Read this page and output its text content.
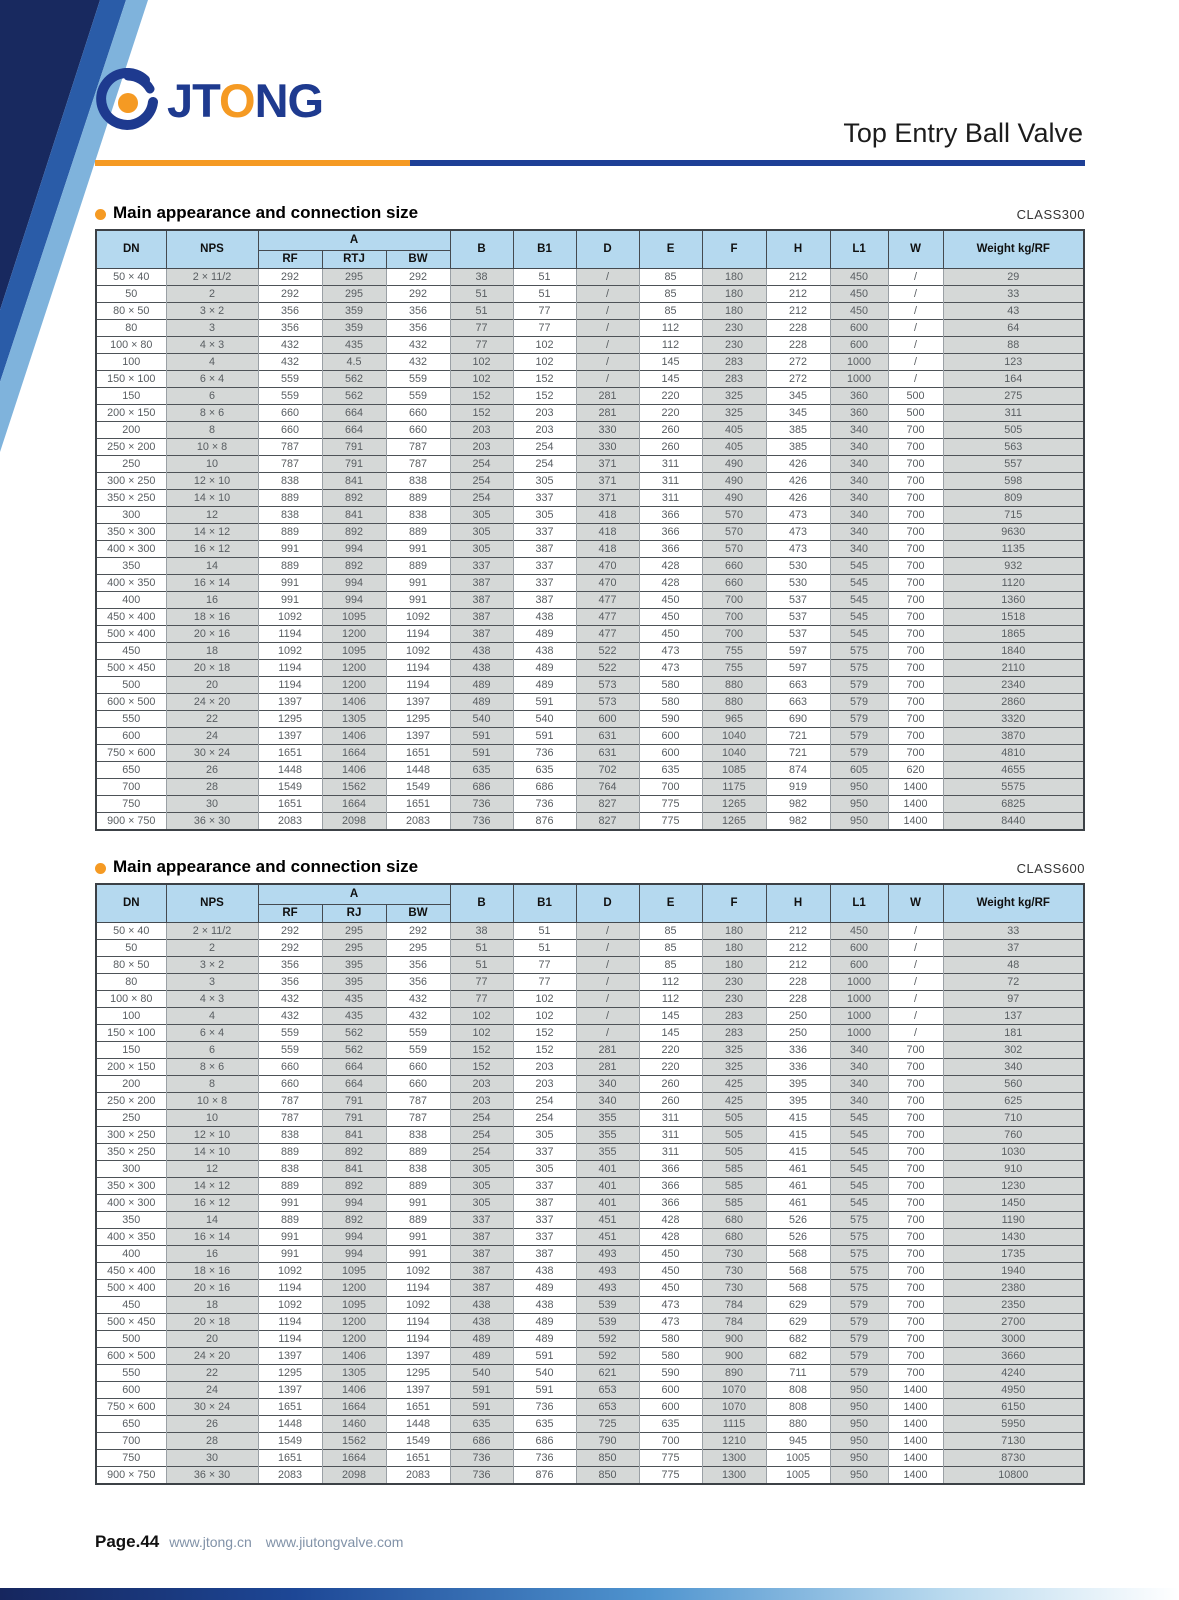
JTONG
Top Entry Ball Valve
Main appearance and connection size	CLASS300
DN	NPS	A			B	B1	D	E	F	H	L1	W	Weight kg/RF
		RF	RTJ	BW									
50 × 40	2 × 11/2	292	295	292	38	51	/	85	180	212	450	/	29
50	2	292	295	292	51	51	/	85	180	212	450	/	33
80 × 50	3 × 2	356	359	356	51	77	/	85	180	212	450	/	43
80	3	356	359	356	77	77	/	112	230	228	600	/	64
100 × 80	4 × 3	432	435	432	77	102	/	112	230	228	600	/	88
100	4	432	4.5	432	102	102	/	145	283	272	1000	/	123
150 × 100	6 × 4	559	562	559	102	152	/	145	283	272	1000	/	164
150	6	559	562	559	152	152	281	220	325	345	360	500	275
200 × 150	8 × 6	660	664	660	152	203	281	220	325	345	360	500	311
200	8	660	664	660	203	203	330	260	405	385	340	700	505
250 × 200	10 × 8	787	791	787	203	254	330	260	405	385	340	700	563
250	10	787	791	787	254	254	371	311	490	426	340	700	557
300 × 250	12 × 10	838	841	838	254	305	371	311	490	426	340	700	598
350 × 250	14 × 10	889	892	889	254	337	371	311	490	426	340	700	809
300	12	838	841	838	305	305	418	366	570	473	340	700	715
350 × 300	14 × 12	889	892	889	305	337	418	366	570	473	340	700	9630
400 × 300	16 × 12	991	994	991	305	387	418	366	570	473	340	700	1135
350	14	889	892	889	337	337	470	428	660	530	545	700	932
400 × 350	16 × 14	991	994	991	387	337	470	428	660	530	545	700	1120
400	16	991	994	991	387	387	477	450	700	537	545	700	1360
450 × 400	18 × 16	1092	1095	1092	387	438	477	450	700	537	545	700	1518
500 × 400	20 × 16	1194	1200	1194	387	489	477	450	700	537	545	700	1865
450	18	1092	1095	1092	438	438	522	473	755	597	575	700	1840
500 × 450	20 × 18	1194	1200	1194	438	489	522	473	755	597	575	700	2110
500	20	1194	1200	1194	489	489	573	580	880	663	579	700	2340
600 × 500	24 × 20	1397	1406	1397	489	591	573	580	880	663	579	700	2860
550	22	1295	1305	1295	540	540	600	590	965	690	579	700	3320
600	24	1397	1406	1397	591	591	631	600	1040	721	579	700	3870
750 × 600	30 × 24	1651	1664	1651	591	736	631	600	1040	721	579	700	4810
650	26	1448	1406	1448	635	635	702	635	1085	874	605	620	4655
700	28	1549	1562	1549	686	686	764	700	1175	919	950	1400	5575
750	30	1651	1664	1651	736	736	827	775	1265	982	950	1400	6825
900 × 750	36 × 30	2083	2098	2083	736	876	827	775	1265	982	950	1400	8440
Main appearance and connection size	CLASS600
DN	NPS	A			B	B1	D	E	F	H	L1	W	Weight kg/RF
		RF	RJ	BW									
50 × 40	2 × 11/2	292	295	292	38	51	/	85	180	212	450	/	33
50	2	292	295	295	51	51	/	85	180	212	600	/	37
80 × 50	3 × 2	356	395	356	51	77	/	85	180	212	600	/	48
80	3	356	395	356	77	77	/	112	230	228	1000	/	72
100 × 80	4 × 3	432	435	432	77	102	/	112	230	228	1000	/	97
100	4	432	435	432	102	102	/	145	283	250	1000	/	137
150 × 100	6 × 4	559	562	559	102	152	/	145	283	250	1000	/	181
150	6	559	562	559	152	152	281	220	325	336	340	700	302
200 × 150	8 × 6	660	664	660	152	203	281	220	325	336	340	700	340
200	8	660	664	660	203	203	340	260	425	395	340	700	560
250 × 200	10 × 8	787	791	787	203	254	340	260	425	395	340	700	625
250	10	787	791	787	254	254	355	311	505	415	545	700	710
300 × 250	12 × 10	838	841	838	254	305	355	311	505	415	545	700	760
350 × 250	14 × 10	889	892	889	254	337	355	311	505	415	545	700	1030
300	12	838	841	838	305	305	401	366	585	461	545	700	910
350 × 300	14 × 12	889	892	889	305	337	401	366	585	461	545	700	1230
400 × 300	16 × 12	991	994	991	305	387	401	366	585	461	545	700	1450
350	14	889	892	889	337	337	451	428	680	526	575	700	1190
400 × 350	16 × 14	991	994	991	387	337	451	428	680	526	575	700	1430
400	16	991	994	991	387	387	493	450	730	568	575	700	1735
450 × 400	18 × 16	1092	1095	1092	387	438	493	450	730	568	575	700	1940
500 × 400	20 × 16	1194	1200	1194	387	489	493	450	730	568	575	700	2380
450	18	1092	1095	1092	438	438	539	473	784	629	579	700	2350
500 × 450	20 × 18	1194	1200	1194	438	489	539	473	784	629	579	700	2700
500	20	1194	1200	1194	489	489	592	580	900	682	579	700	3000
600 × 500	24 × 20	1397	1406	1397	489	591	592	580	900	682	579	700	3660
550	22	1295	1305	1295	540	540	621	590	890	711	579	700	4240
600	24	1397	1406	1397	591	591	653	600	1070	808	950	1400	4950
750 × 600	30 × 24	1651	1664	1651	591	736	653	600	1070	808	950	1400	6150
650	26	1448	1460	1448	635	635	725	635	1115	880	950	1400	5950
700	28	1549	1562	1549	686	686	790	700	1210	945	950	1400	7130
750	30	1651	1664	1651	736	736	850	775	1300	1005	950	1400	8730
900 × 750	36 × 30	2083	2098	2083	736	876	850	775	1300	1005	950	1400	10800
Page.44 www.jtong.cn www.jiutongvalve.com
